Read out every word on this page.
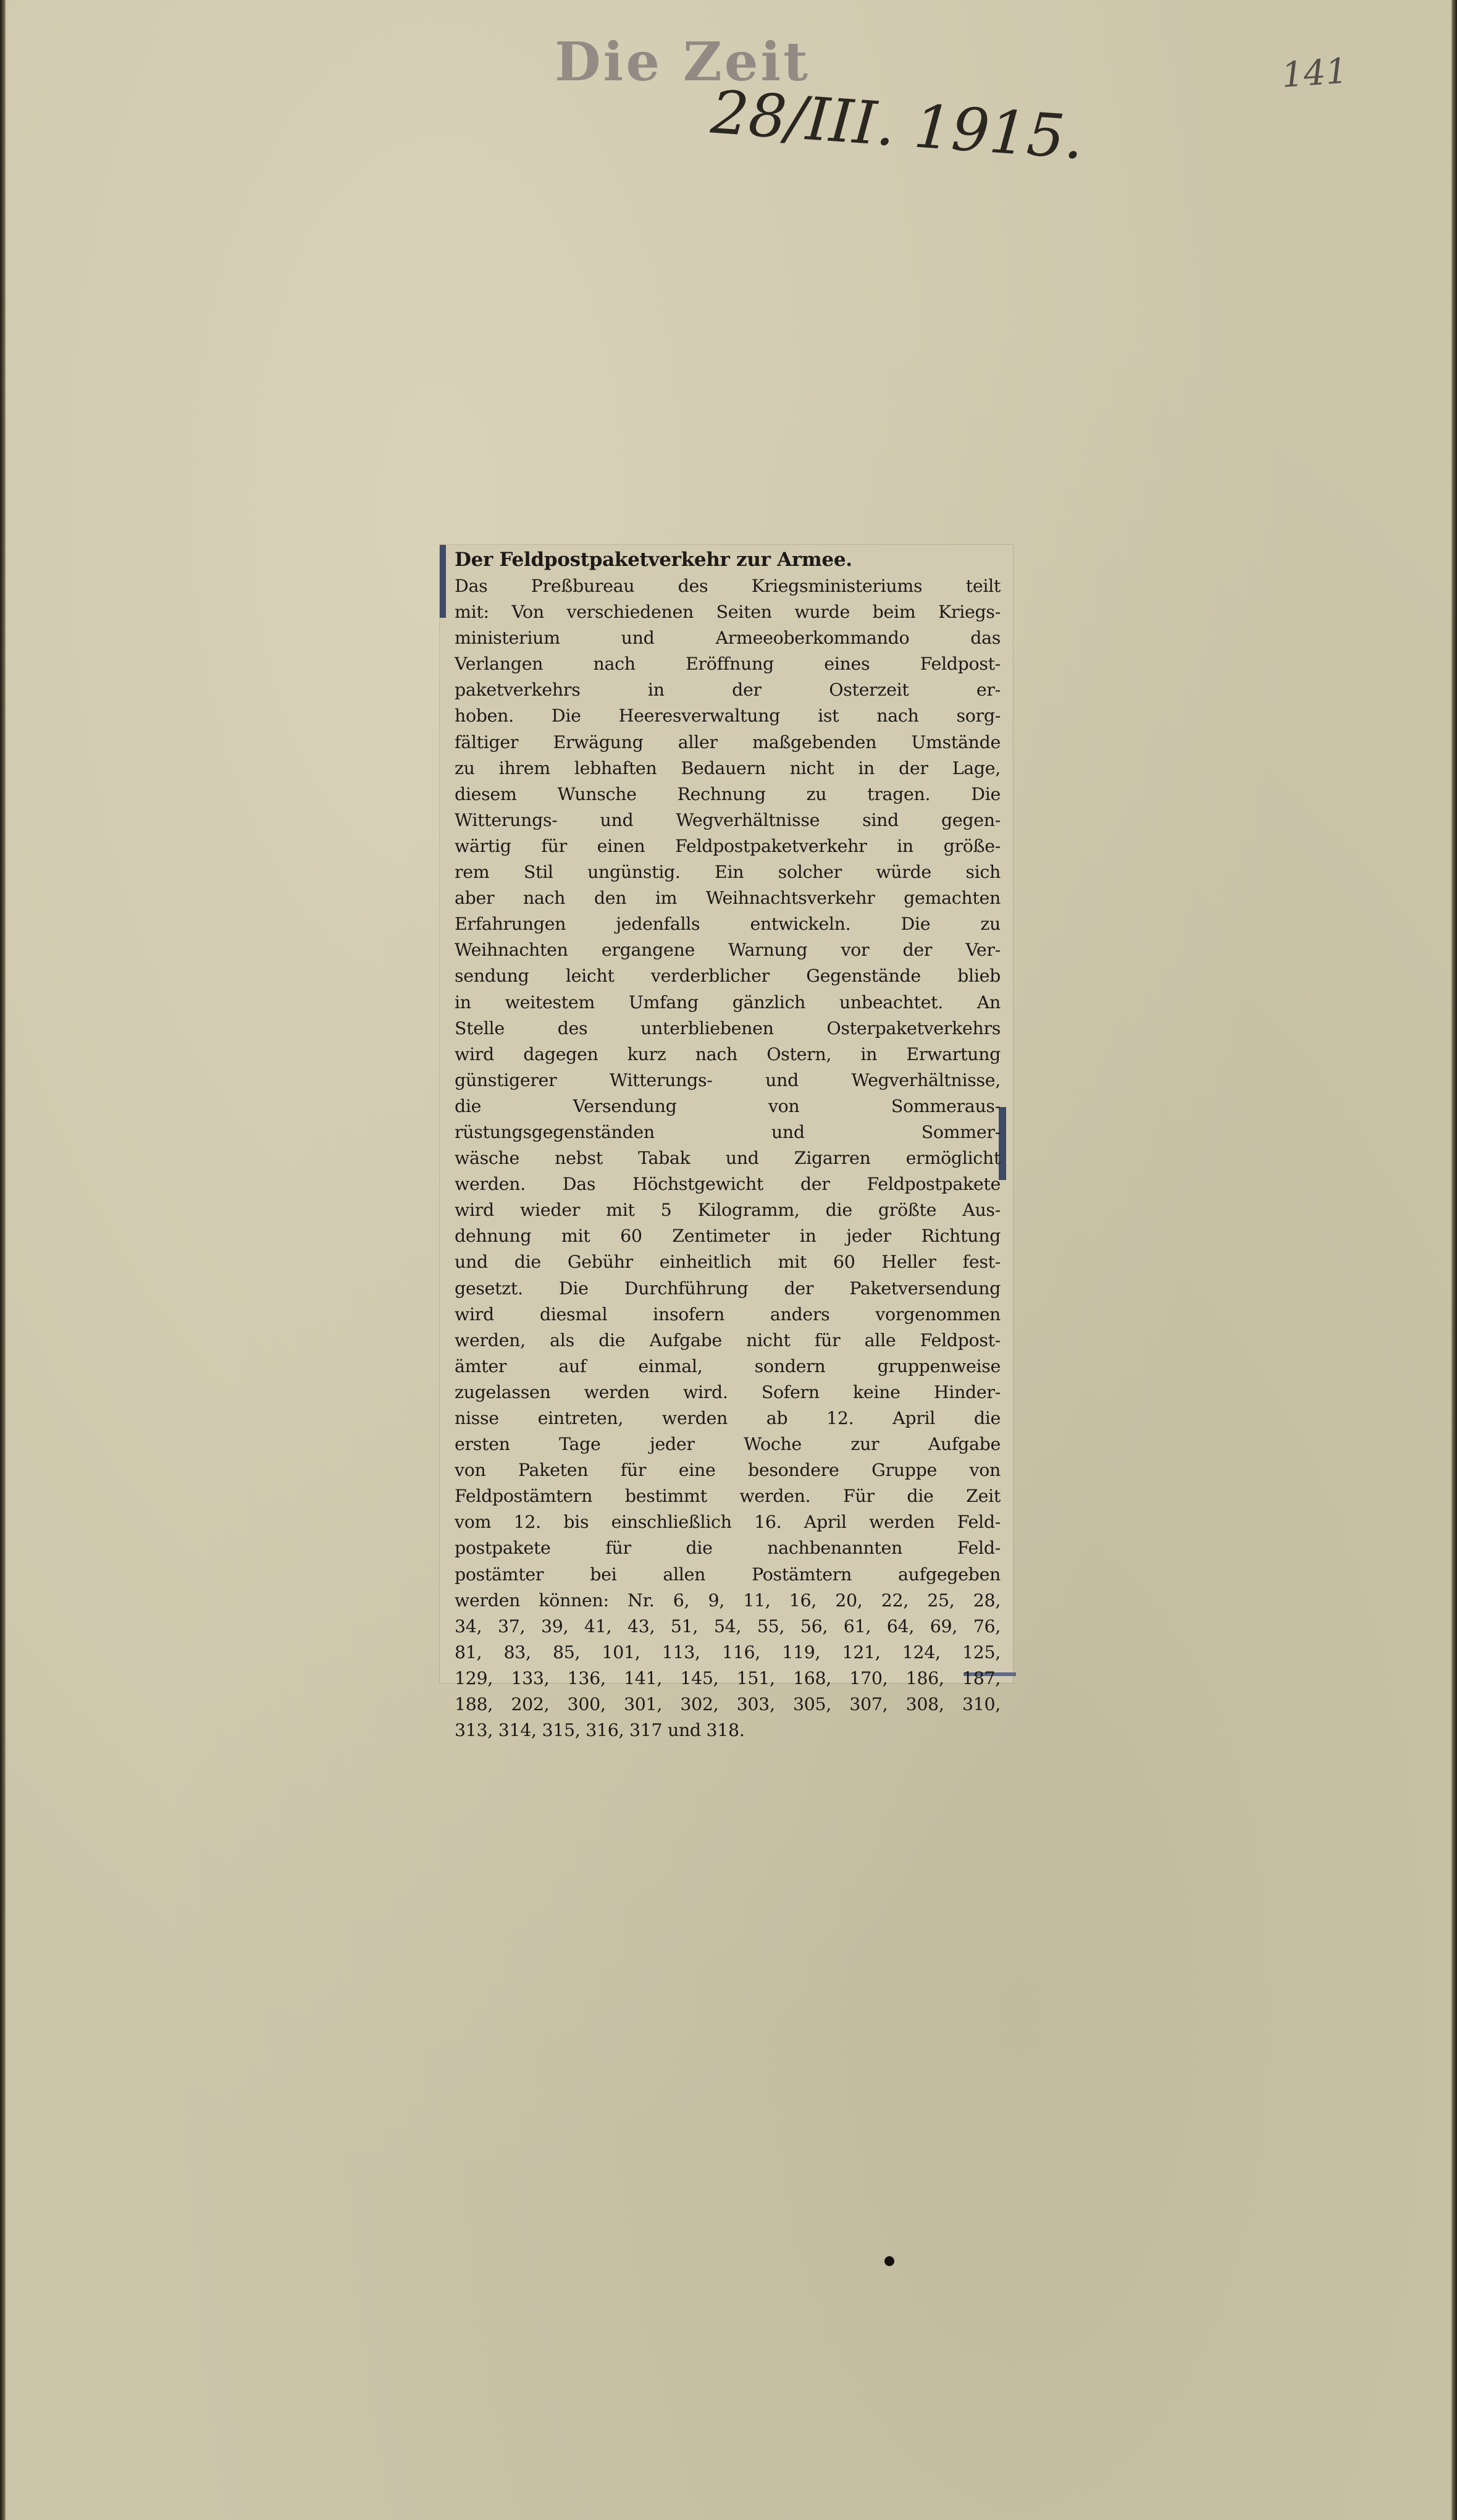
Die Zeit
28/III. 1915.
141

Der Feldpostpaketverkehr zur Armee.

Das Preßbureau des Kriegsministeriums teilt

mit: Von verschiedenen Seiten wurde beim Kriegs-

ministerium und Armeeoberkommando das

Verlangen nach Eröffnung eines Feldpost-

paketverkehrs in der Osterzeit er-

hoben. Die Heeresverwaltung ist nach sorg-

fältiger Erwägung aller maßgebenden Umstände

zu ihrem lebhaften Bedauern nicht in der Lage,

diesem Wunsche Rechnung zu tragen. Die

Witterungs- und Wegverhältnisse sind gegen-

wärtig für einen Feldpostpaketverkehr in größe-

rem Stil ungünstig. Ein solcher würde sich

aber nach den im Weihnachtsverkehr gemachten

Erfahrungen jedenfalls entwickeln. Die zu

Weihnachten ergangene Warnung vor der Ver-

sendung leicht verderblicher Gegenstände blieb

in weitestem Umfang gänzlich unbeachtet. An

Stelle des unterbliebenen Osterpaketverkehrs

wird dagegen kurz nach Ostern, in Erwartung

günstigerer Witterungs- und Wegverhältnisse,

die Versendung von Sommeraus-

rüstungsgegenständen und Sommer-

wäsche nebst Tabak und Zigarren ermöglicht

werden. Das Höchstgewicht der Feldpostpakete

wird wieder mit 5 Kilogramm, die größte Aus-

dehnung mit 60 Zentimeter in jeder Richtung

und die Gebühr einheitlich mit 60 Heller fest-

gesetzt. Die Durchführung der Paketversendung

wird diesmal insofern anders vorgenommen

werden, als die Aufgabe nicht für alle Feldpost-

ämter auf einmal, sondern gruppenweise

zugelassen werden wird. Sofern keine Hinder-

nisse eintreten, werden ab 12. April die

ersten Tage jeder Woche zur Aufgabe

von Paketen für eine besondere Gruppe von

Feldpostämtern bestimmt werden. Für die Zeit

vom 12. bis einschließlich 16. April werden Feld-

postpakete für die nachbenannten Feld-

postämter bei allen Postämtern aufgegeben

werden können: Nr. 6, 9, 11, 16, 20, 22, 25, 28,

34, 37, 39, 41, 43, 51, 54, 55, 56, 61, 64, 69, 76,

81, 83, 85, 101, 113, 116, 119, 121, 124, 125,

129, 133, 136, 141, 145, 151, 168, 170, 186, 187,

188, 202, 300, 301, 302, 303, 305, 307, 308, 310,

313, 314, 315, 316, 317 und 318.
